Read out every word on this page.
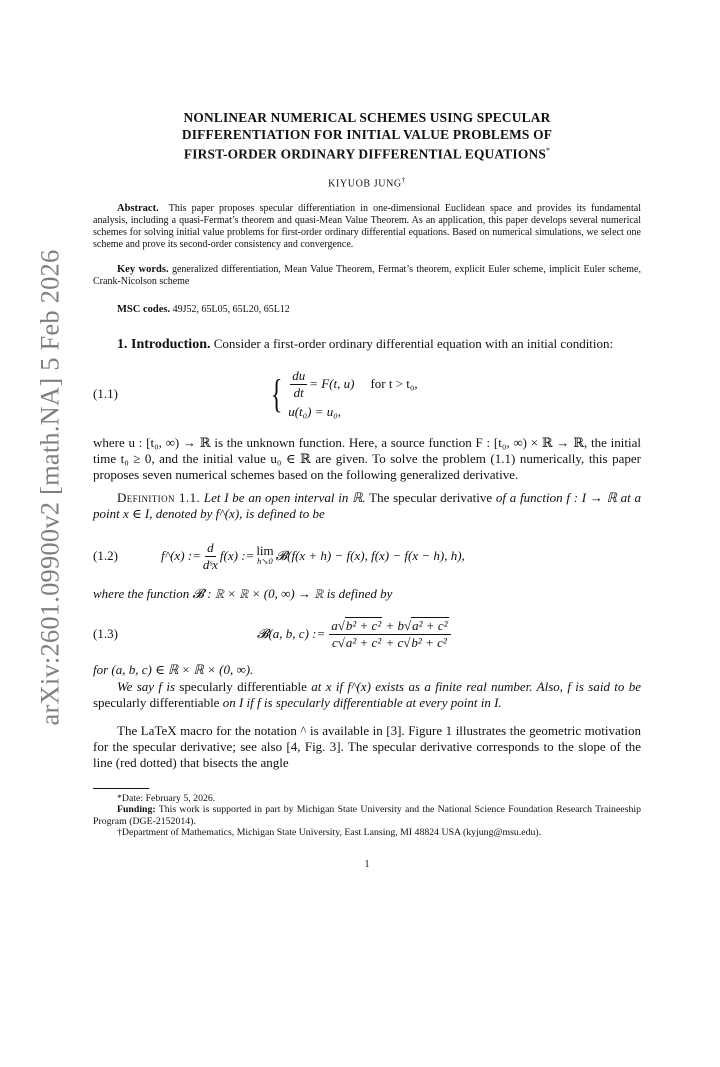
arXiv:2601.09900v2 [math.NA] 5 Feb 2026

NONLINEAR NUMERICAL SCHEMES USING SPECULAR

DIFFERENTIATION FOR INITIAL VALUE PROBLEMS OF

FIRST-ORDER ORDINARY DIFFERENTIAL EQUATIONS*

KIYUOB JUNG†
Abstract. This paper proposes specular differentiation in one-dimensional Euclidean space and provides its fundamental analysis, including a quasi-Fermat’s theorem and quasi-Mean Value Theorem. As an application, this paper develops several numerical schemes for solving initial value problems for first-order ordinary differential equations. Based on numerical simulations, we select one scheme and prove its second-order consistency and convergence.
Key words. generalized differentiation, Mean Value Theorem, Fermat’s theorem, explicit Euler scheme, implicit Euler scheme, Crank-Nicolson scheme
MSC codes. 49J52, 65L05, 65L20, 65L12
1. Introduction. Consider a first-order ordinary differential equation with an initial condition:
(1.1)	{ $\frac{du}{dt} = F(t$, u) for t > t₀,
u(t₀) = u₀,
where u : [t₀, ∞) → ℝ is the unknown function. Here, a source function F : [t₀, ∞) × ℝ → ℝ, the initial time t₀ ≥ 0, and the initial value u₀ ∈ ℝ are given. To solve the problem (1.1) numerically, this paper proposes seven numerical schemes based on the following generalized derivative.
Definition 1.1. Let I be an open interval in ℝ. The specular derivative of a function f : I → ℝ at a point x ∈ I, denoted by f^(x), is defined to be
(1.2)	f^(x) := $\frac{d}{\text{dˢx}} f(x)$ := lim
h↘0 𝓑(f(x + h) − f(x), f(x) − f(x − h), h),
where the function 𝓑 : ℝ × ℝ × (0, ∞) → ℝ is defined by
(1.3)	𝓑(a, b, c) := $\frac{\text{a√b² + c² + b√a² + c²}}{\text{c√a² + c² + c√b² + c²}}$
for (a, b, c) ∈ ℝ × ℝ × (0, ∞).
We say f is specularly differentiable at x if f^(x) exists as a finite real number. Also, f is said to be specularly differentiable on I if f is specularly differentiable at every point in I.
The LaTeX macro for the notation ^ is available in [3]. Figure 1 illustrates the geometric motivation for the specular derivative; see also [4, Fig. 3]. The specular derivative corresponds to the slope of the line (red dotted) that bisects the angle
*Date: February 5, 2026.
Funding: This work is supported in part by Michigan State University and the National Science Foundation Research Traineeship Program (DGE-2152014).
†Department of Mathematics, Michigan State University, East Lansing, MI 48824 USA (kyjung@msu.edu).
1
